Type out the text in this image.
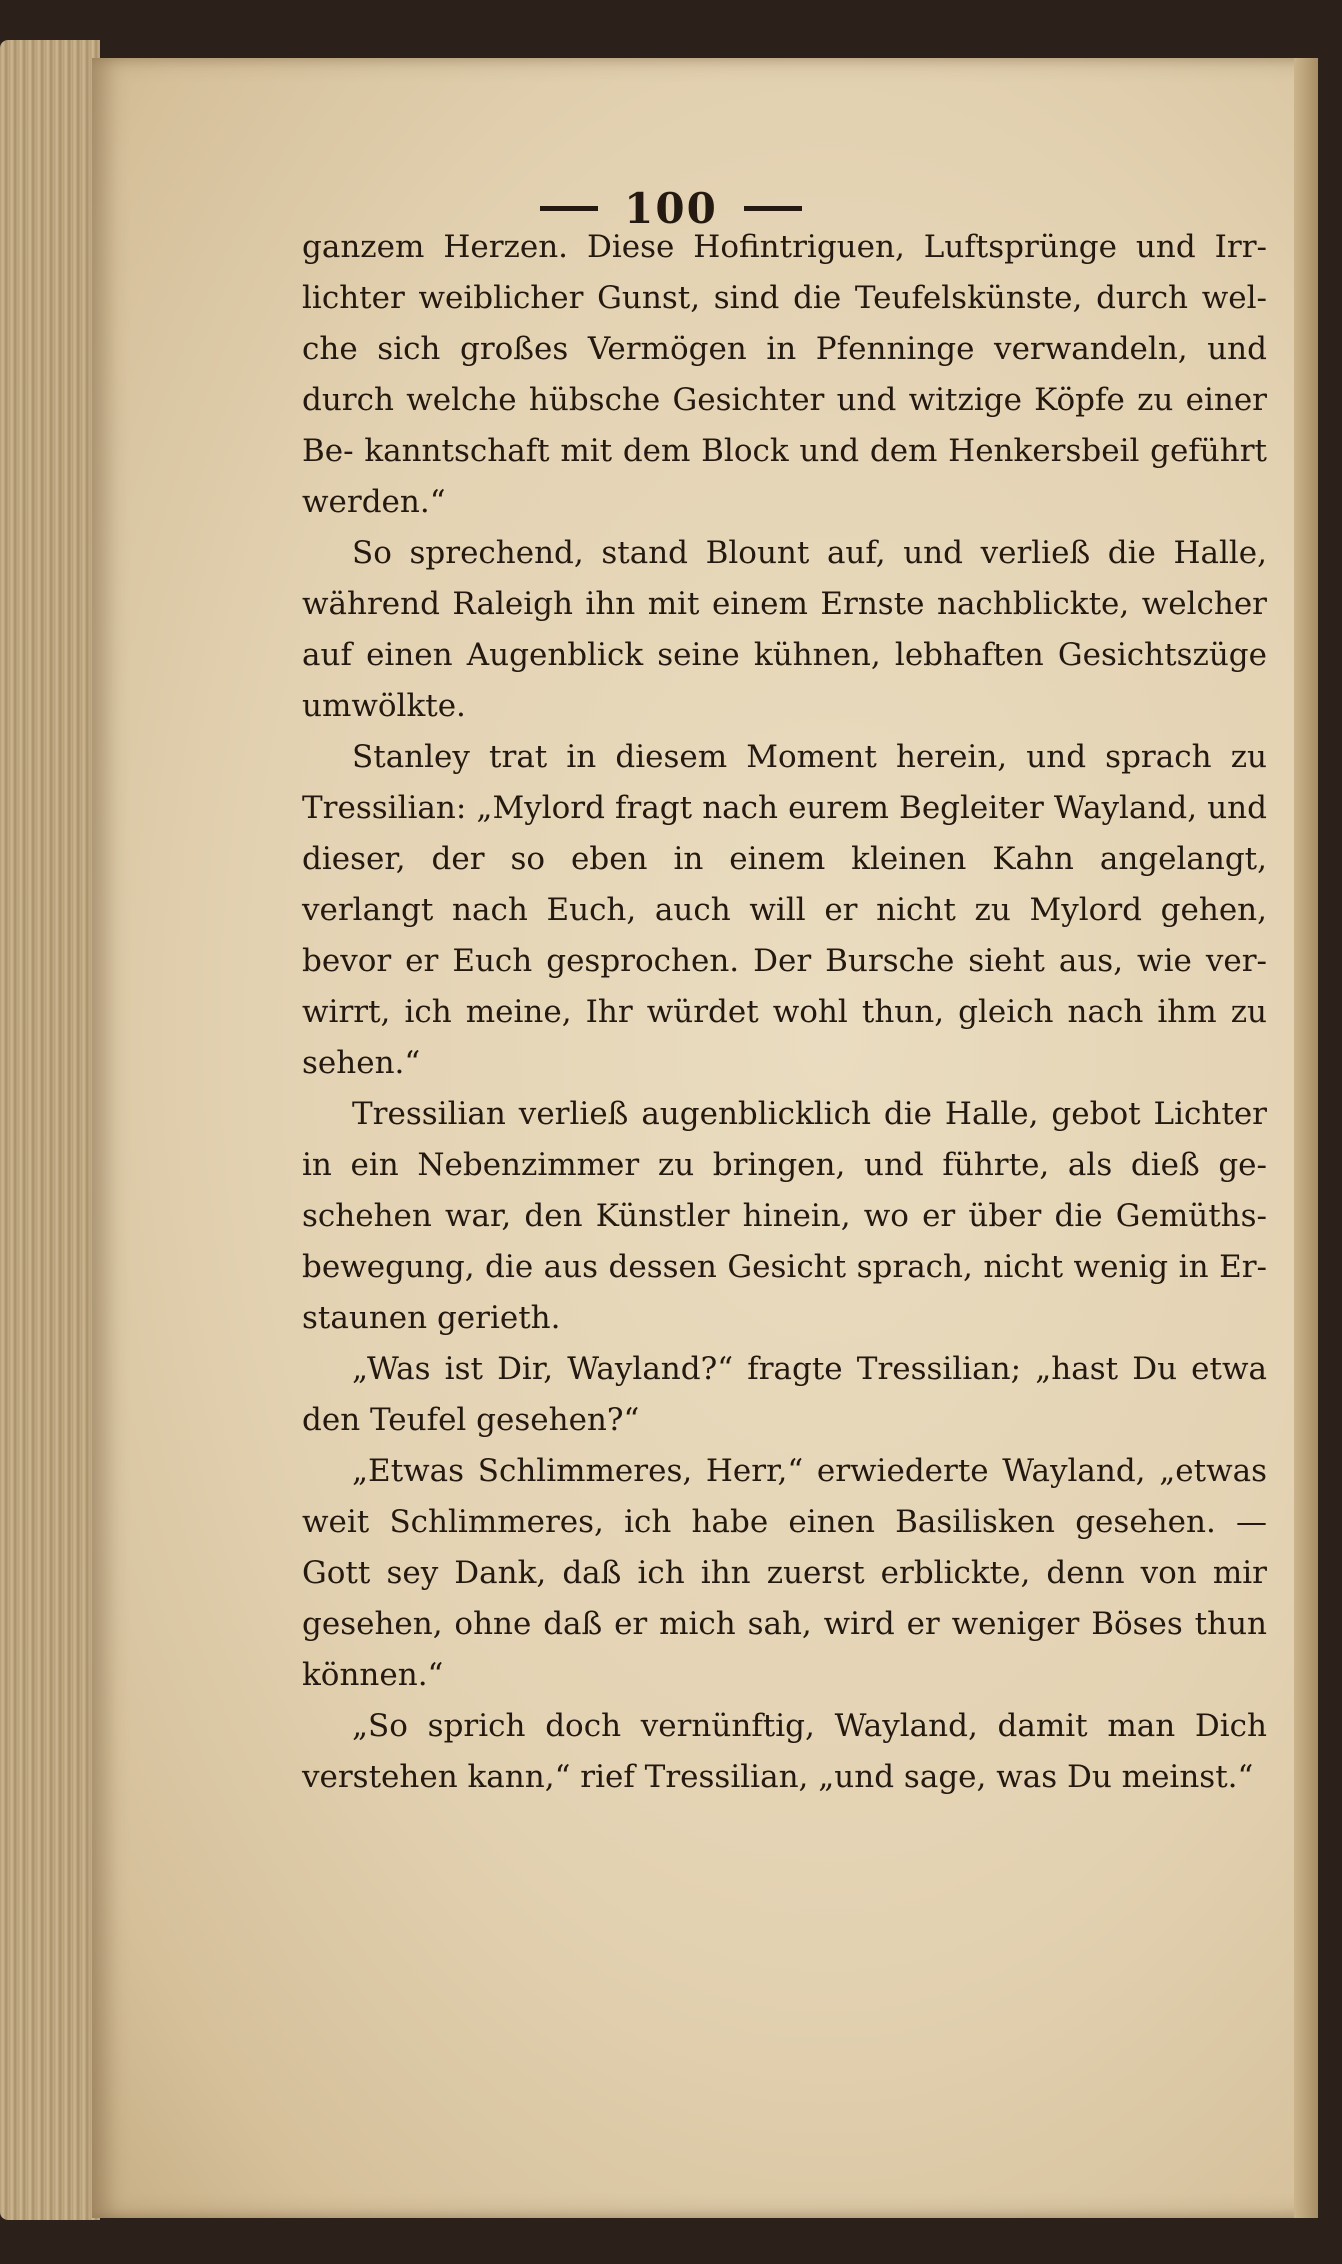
100

ganzem Herzen. Diese Hofintriguen, Luftsprünge und Irr- lichter weiblicher Gunst, sind die Teufelskünste, durch wel- che sich großes Vermögen in Pfenninge verwandeln, und durch welche hübsche Gesichter und witzige Köpfe zu einer Be- kanntschaft mit dem Block und dem Henkersbeil geführt werden.“

So sprechend, stand Blount auf, und verließ die Halle, während Raleigh ihn mit einem Ernste nachblickte, welcher auf einen Augenblick seine kühnen, lebhaften Gesichtszüge umwölkte.

Stanley trat in diesem Moment herein, und sprach zu Tressilian: „Mylord fragt nach eurem Begleiter Wayland, und dieser, der so eben in einem kleinen Kahn angelangt, verlangt nach Euch, auch will er nicht zu Mylord gehen, bevor er Euch gesprochen. Der Bursche sieht aus, wie ver- wirrt, ich meine, Ihr würdet wohl thun, gleich nach ihm zu sehen.“

Tressilian verließ augenblicklich die Halle, gebot Lichter in ein Nebenzimmer zu bringen, und führte, als dieß ge- schehen war, den Künstler hinein, wo er über die Gemüths- bewegung, die aus dessen Gesicht sprach, nicht wenig in Er- staunen gerieth.

„Was ist Dir, Wayland?“ fragte Tressilian; „hast Du etwa den Teufel gesehen?“

„Etwas Schlimmeres, Herr,“ erwiederte Wayland, „etwas weit Schlimmeres, ich habe einen Basilisken gesehen. — Gott sey Dank, daß ich ihn zuerst erblickte, denn von mir gesehen, ohne daß er mich sah, wird er weniger Böses thun können.“

„So sprich doch vernünftig, Wayland, damit man Dich verstehen kann,“ rief Tressilian, „und sage, was Du meinst.“
